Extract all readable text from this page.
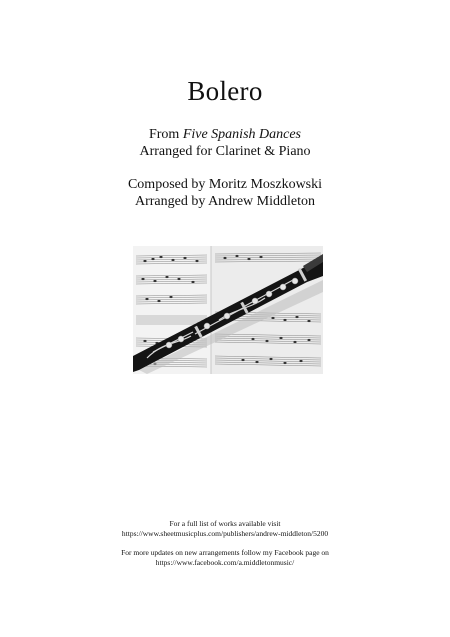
Bolero
From Five Spanish Dances
Arranged for Clarinet & Piano
Composed by Moritz Moszkowski
Arranged by Andrew Middleton
For a full list of works available visit
https://www.sheetmusicplus.com/publishers/andrew-middleton/5200
For more updates on new arrangements follow my Facebook page on
https://www.facebook.com/a.middletonmusic/
